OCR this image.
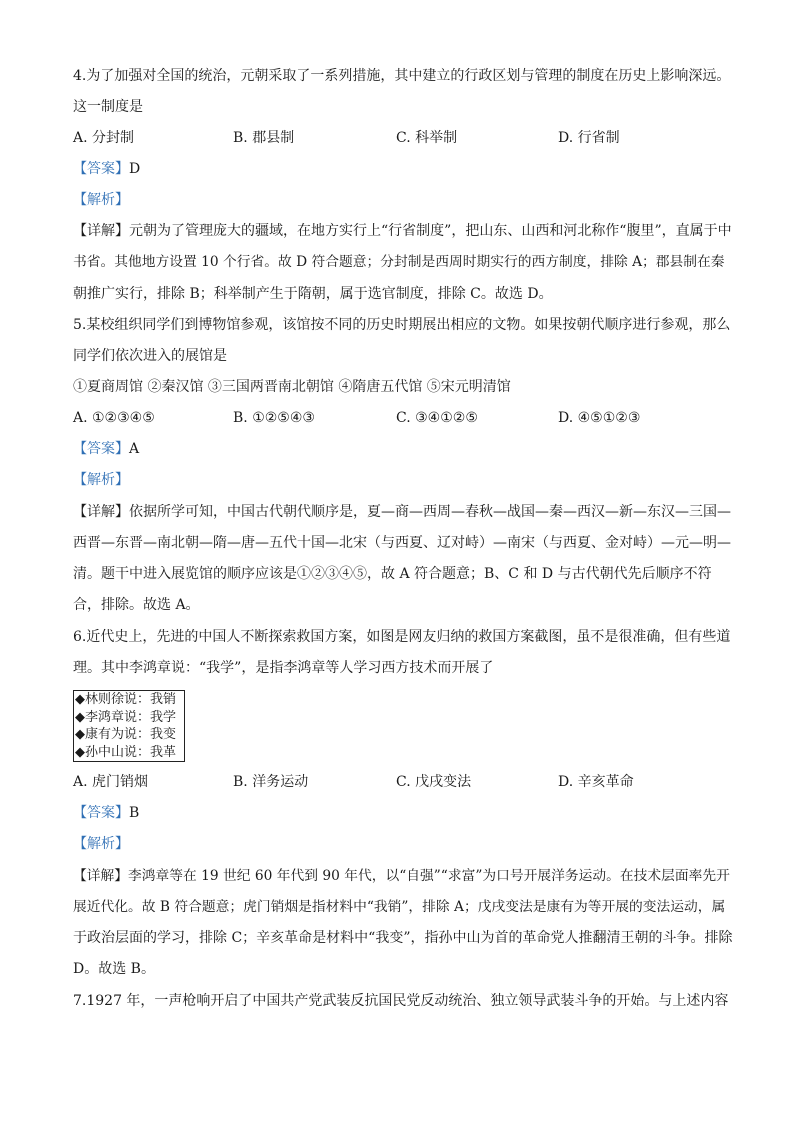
4.为了加强对全国的统治，元朝采取了一系列措施，其中建立的行政区划与管理的制度在历史上影响深远。
这一制度是
A. 分封制	B. 郡县制	C. 科举制	D. 行省制
【答案】D
【解析】
【详解】元朝为了管理庞大的疆域，在地方实行上“行省制度”，把山东、山西和河北称作“腹里”，直属于中
书省。其他地方设置 10 个行省。故 D 符合题意；分封制是西周时期实行的西方制度，排除 A；郡县制在秦
朝推广实行，排除 B；科举制产生于隋朝，属于选官制度，排除 C。故选 D。
5.某校组织同学们到博物馆参观，该馆按不同的历史时期展出相应的文物。如果按朝代顺序进行参观，那么
同学们依次进入的展馆是
①夏商周馆 ②秦汉馆 ③三国两晋南北朝馆 ④隋唐五代馆 ⑤宋元明清馆
A. ①②③④⑤	B. ①②⑤④③	C. ③④①②⑤	D. ④⑤①②③
【答案】A
【解析】
【详解】依据所学可知，中国古代朝代顺序是，夏—商—西周—春秋—战国—秦—西汉—新—东汉—三国—
西晋—东晋—南北朝—隋—唐—五代十国—北宋（与西夏、辽对峙）—南宋（与西夏、金对峙）—元—明—
清。题干中进入展览馆的顺序应该是①②③④⑤，故 A 符合题意；B、C 和 D 与古代朝代先后顺序不符
合，排除。故选 A。
6.近代史上，先进的中国人不断探索救国方案，如图是网友归纳的救国方案截图，虽不是很准确，但有些道
理。其中李鸿章说：“我学”，是指李鸿章等人学习西方技术而开展了
◆林则徐说：我销
◆李鸿章说：我学
◆康有为说：我变
◆孙中山说：我革
A. 虎门销烟	B. 洋务运动	C. 戊戌变法	D. 辛亥革命
【答案】B
【解析】
【详解】李鸿章等在 19 世纪 60 年代到 90 年代，以“自强”“求富”为口号开展洋务运动。在技术层面率先开
展近代化。故 B 符合题意；虎门销烟是指材料中“我销”，排除 A；戊戌变法是康有为等开展的变法运动，属
于政治层面的学习，排除 C；辛亥革命是材料中“我变”，指孙中山为首的革命党人推翻清王朝的斗争。排除
D。故选 B。
7.1927 年，一声枪响开启了中国共产党武装反抗国民党反动统治、独立领导武装斗争的开始。与上述内容
